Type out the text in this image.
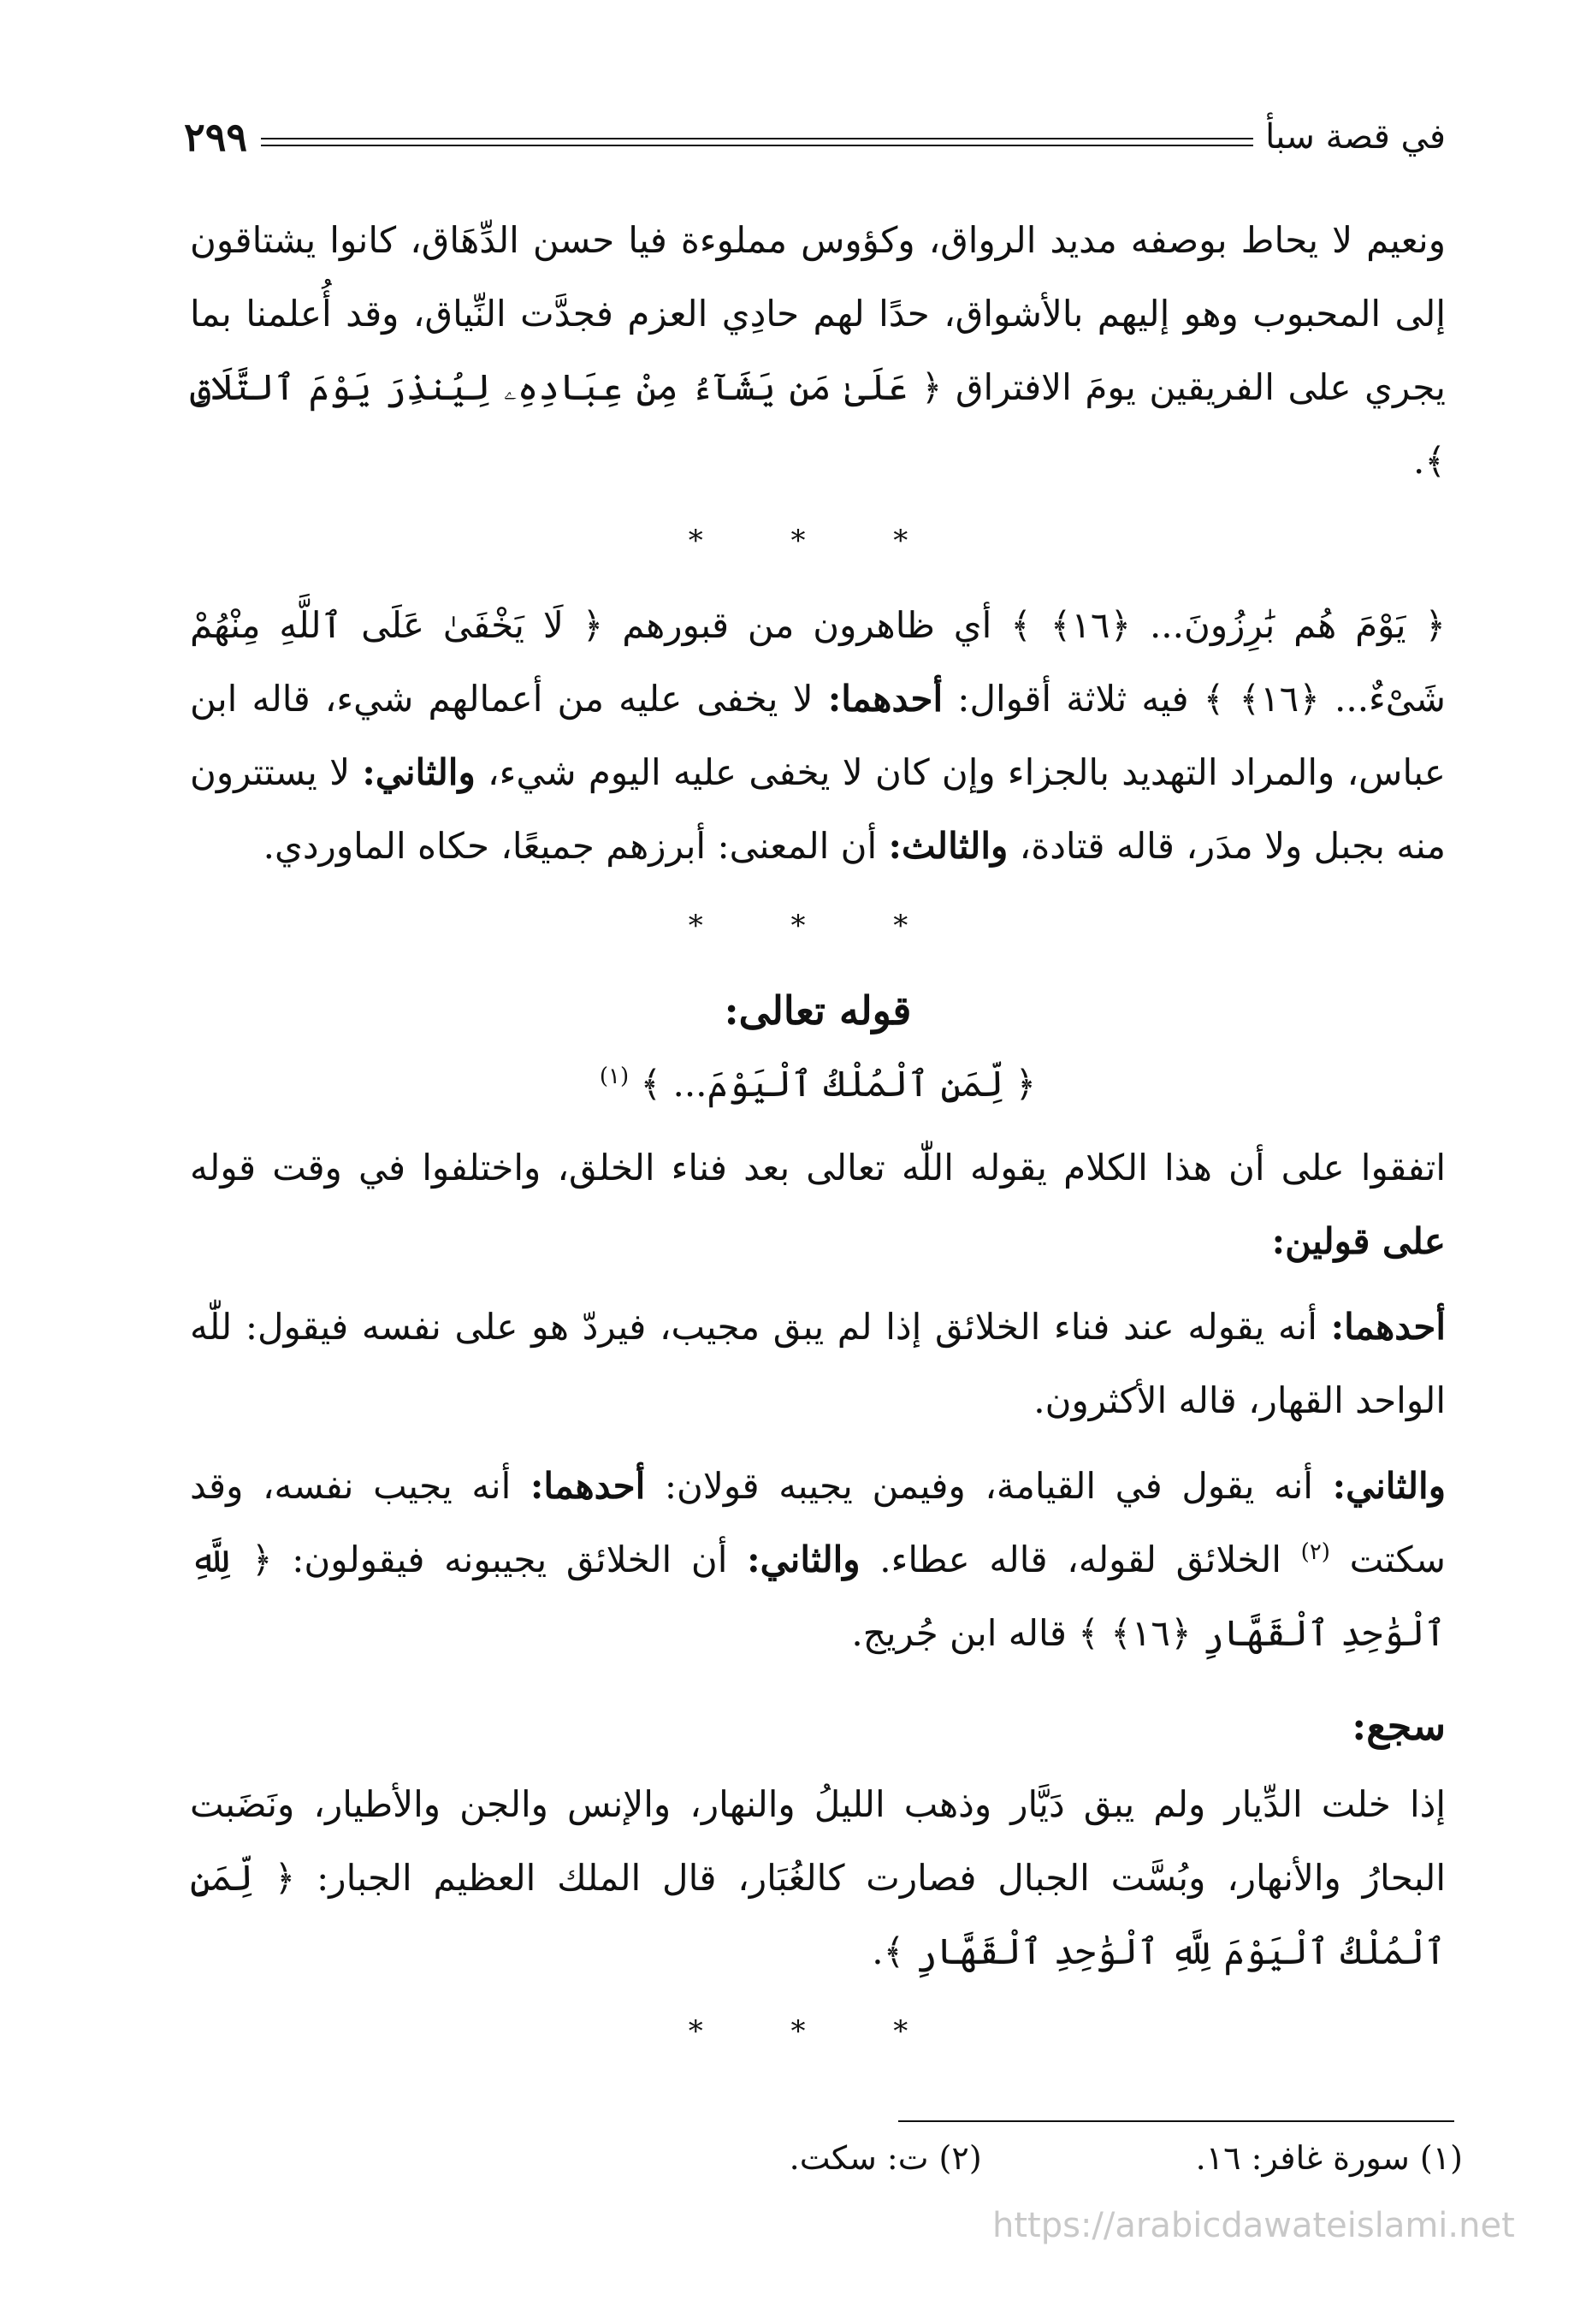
في قصة سبأ
٢٩٩

ونعيم لا يحاط بوصفه مديد الرواق، وكؤوس مملوءة فيا حسن الدِّهَاق، كانوا يشتاقون إلى المحبوب وهو إليهم بالأشواق، حدًا لهم حادِي العزم فجدَّت النِّياق، وقد أُعلمنا بما يجري على الفريقين يومَ الافتراق ﴿ عَلَىٰ مَن يَشَآءُ مِنْ عِبَادِهِۦ لِيُنذِرَ يَوْمَ ٱلتَّلَاقِ ﴾.

* * *

﴿ يَوْمَ هُم بَٰرِزُونَ... ﴿١٦﴾ ﴾ أي ظاهرون من قبورهم ﴿ لَا يَخْفَىٰ عَلَى ٱللَّهِ مِنْهُمْ شَىْءٌ... ﴿١٦﴾ ﴾ فيه ثلاثة أقوال: أحدهما: لا يخفى عليه من أعمالهم شيء، قاله ابن عباس، والمراد التهديد بالجزاء وإن كان لا يخفى عليه اليوم شيء، والثاني: لا يستترون منه بجبل ولا مدَر، قاله قتادة، والثالث: أن المعنى: أبرزهم جميعًا، حكاه الماوردي.

* * *
قوله تعالى:
﴿ لِّمَنِ ٱلْمُلْكُ ٱلْيَوْمَ... ﴾ $^{(١)}$

اتفقوا على أن هذا الكلام يقوله اللّٰه تعالى بعد فناء الخلق، واختلفوا في وقت قوله على قولين:

أحدهما: أنه يقوله عند فناء الخلائق إذا لم يبق مجيب، فيردّ هو على نفسه فيقول: للّٰه الواحد القهار، قاله الأكثرون.

والثاني: أنه يقول في القيامة، وفيمن يجيبه قولان: أحدهما: أنه يجيب نفسه، وقد سكتت $^{(٢)}$ الخلائق لقوله، قاله عطاء. والثاني: أن الخلائق يجيبونه فيقولون: ﴿ لِلَّهِ ٱلْوَٰحِدِ ٱلْقَهَّارِ ﴿١٦﴾ ﴾ قاله ابن جُريج.

سجع:

إذا خلت الدِّيار ولم يبق دَيَّار وذهب الليلُ والنهار، والإنس والجن والأطيار، ونَضَبت البحارُ والأنهار، وبُسَّت الجبال فصارت كالغُبَار، قال الملك العظيم الجبار: ﴿ لِّمَنِ ٱلْمُلْكُ ٱلْيَوْمَ لِلَّهِ ٱلْوَٰحِدِ ٱلْقَهَّارِ ﴾.

* * *
(١) سورة غافر: ١٦.
(٢) ت: سكت.
https://arabicdawateislami.net
